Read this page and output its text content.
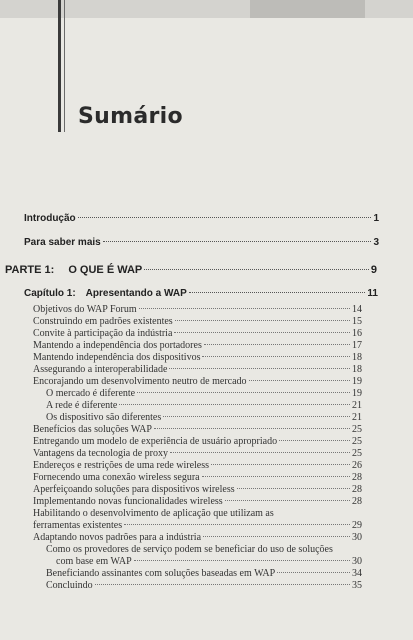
Sumário
Introdução	1
Para saber mais	3
PARTE 1: O QUE É WAP	9
Capítulo 1: Apresentando a WAP	11
Objetivos do WAP Forum	14
Construindo em padrões existentes	15
Convite à participação da indústria	16
Mantendo a independência dos portadores	17
Mantendo independência dos dispositivos	18
Assegurando a interoperabilidade	18
Encorajando um desenvolvimento neutro de mercado	19
O mercado é diferente	19
A rede é diferente	21
Os dispositivo são diferentes	21
Benefícios das soluções WAP	25
Entregando um modelo de experiência de usuário apropriado	25
Vantagens da tecnologia de proxy	25
Endereços e restrições de uma rede wireless	26
Fornecendo uma conexão wireless segura	28
Aperfeiçoando soluções para dispositivos wireless	28
Implementando novas funcionalidades wireless	28
Habilitando o desenvolvimento de aplicação que utilizam as
ferramentas existentes	29
Adaptando novos padrões para a indústria	30
Como os provedores de serviço podem se beneficiar do uso de soluções
com base em WAP	30
Beneficiando assinantes com soluções baseadas em WAP	34
Concluindo	35
